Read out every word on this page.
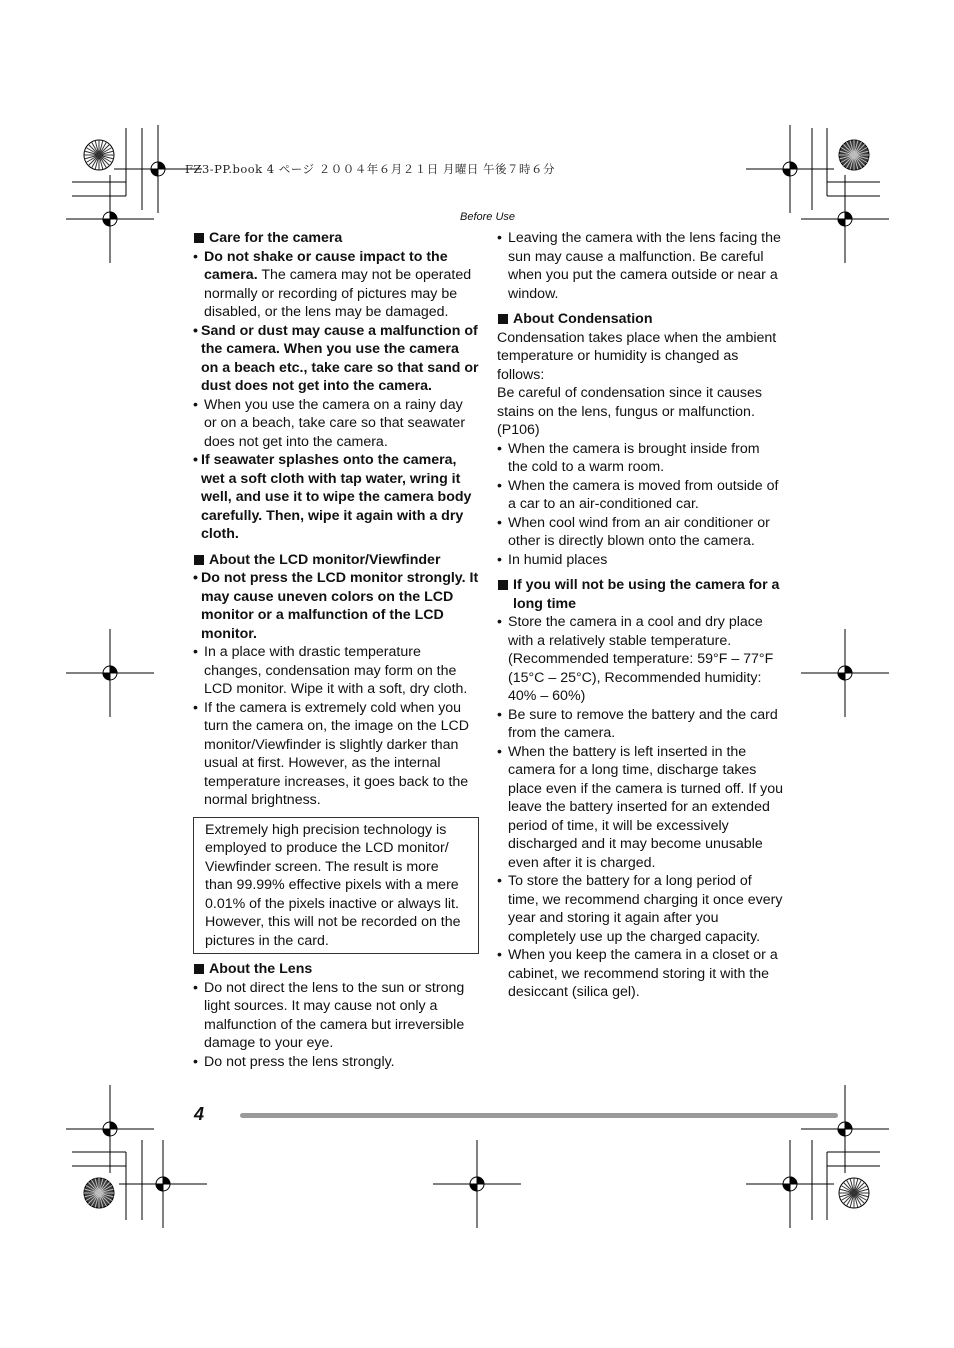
FZ3-PP.book 4 ページ ２００４年６月２１日 月曜日 午後７時６分
Before Use

Care for the camera

• Do not shake or cause impact to the camera. The camera may not be operated normally or recording of pictures may be disabled, or the lens may be damaged.
• Sand or dust may cause a malfunction of the camera. When you use the camera on a beach etc., take care so that sand or dust does not get into the camera.
• When you use the camera on a rainy day or on a beach, take care so that seawater does not get into the camera.
• If seawater splashes onto the camera, wet a soft cloth with tap water, wring it well, and use it to wipe the camera body carefully. Then, wipe it again with a dry cloth.

About the LCD monitor/Viewfinder

• Do not press the LCD monitor strongly. It may cause uneven colors on the LCD monitor or a malfunction of the LCD monitor.
• In a place with drastic temperature changes, condensation may form on the LCD monitor. Wipe it with a soft, dry cloth.
• If the camera is extremely cold when you turn the camera on, the image on the LCD monitor/Viewfinder is slightly darker than usual at first. However, as the internal temperature increases, it goes back to the normal brightness.
Extremely high precision technology is employed to produce the LCD monitor/ Viewfinder screen. The result is more than 99.99% effective pixels with a mere 0.01% of the pixels inactive or always lit. However, this will not be recorded on the pictures in the card.

About the Lens

• Do not direct the lens to the sun or strong light sources. It may cause not only a malfunction of the camera but irreversible damage to your eye.
• Do not press the lens strongly.
• Leaving the camera with the lens facing the sun may cause a malfunction. Be careful when you put the camera outside or near a window.

About Condensation

Condensation takes place when the ambient temperature or humidity is changed as follows:

Be careful of condensation since it causes stains on the lens, fungus or malfunction. (P106)

• When the camera is brought inside from the cold to a warm room.
• When the camera is moved from outside of a car to an air-conditioned car.
• When cool wind from an air conditioner or other is directly blown onto the camera.
• In humid places

If you will not be using the camera for a long time

• Store the camera in a cool and dry place with a relatively stable temperature.
(Recommended temperature: 59°F – 77°F (15°C – 25°C), Recommended humidity: 40% – 60%)
• Be sure to remove the battery and the card from the camera.
• When the battery is left inserted in the camera for a long time, discharge takes place even if the camera is turned off. If you leave the battery inserted for an extended period of time, it will be excessively discharged and it may become unusable even after it is charged.
• To store the battery for a long period of time, we recommend charging it once every year and storing it again after you completely use up the charged capacity.
• When you keep the camera in a closet or a cabinet, we recommend storing it with the desiccant (silica gel).
4
